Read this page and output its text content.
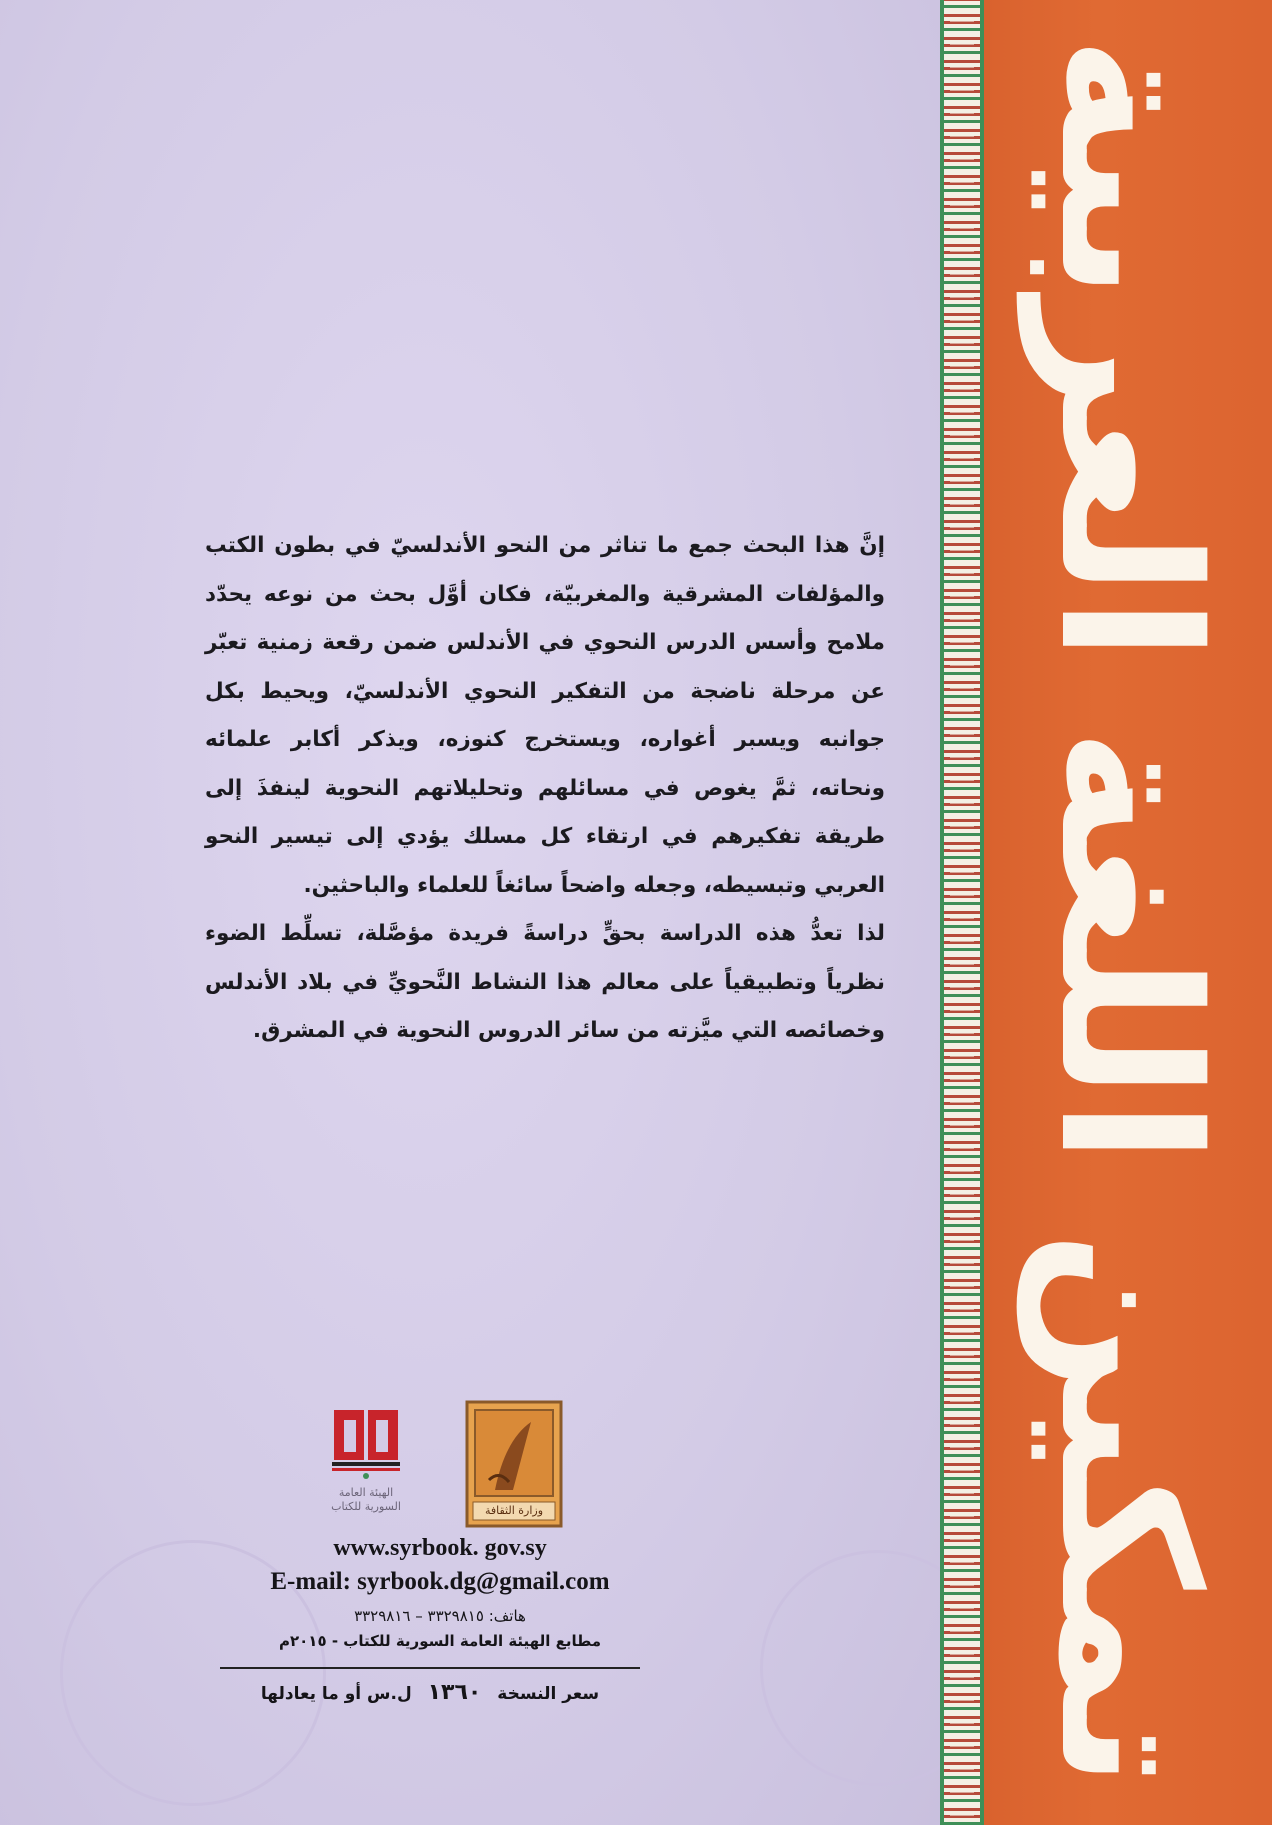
إنَّ هذا البحث جمع ما تناثر من النحو الأندلسيّ في بطون الكتب والمؤلفات المشرقية والمغربيّة، فكان أوَّل بحث من نوعه يحدّد ملامح وأسس الدرس النحوي في الأندلس ضمن رقعة زمنية تعبّر عن مرحلة ناضجة من التفكير النحوي الأندلسيّ، ويحيط بكل جوانبه ويسبر أغواره، ويستخرج كنوزه، ويذكر أكابر علمائه ونحاته، ثمَّ يغوص في مسائلهم وتحليلاتهم النحوية لينفذَ إلى طريقة تفكيرهم في ارتقاء كل مسلك يؤدي إلى تيسير النحو العربي وتبسيطه، وجعله واضحاً سائغاً للعلماء والباحثين.

لذا تعدُّ هذه الدراسة بحقٍّ دراسةً فريدة مؤصَّلة، تسلِّط الضوء نظرياً وتطبيقياً على معالم هذا النشاط النَّحويِّ في بلاد الأندلس وخصائصه التي ميَّزته من سائر الدروس النحوية في المشرق.

الهيئة العامة
السورية للكتاب	وزارة الثقافة
www.syrbook. gov.sy
E-mail: syrbook.dg@gmail.com
هاتف: ٣٣٢٩٨١٥ – ٣٣٢٩٨١٦
مطابع الهيئة العامة السورية للكتاب - ٢٠١٥م
سعر النسخة ١٣٦٠ ل.س أو ما يعادلها	تمكين اللغة العربية
